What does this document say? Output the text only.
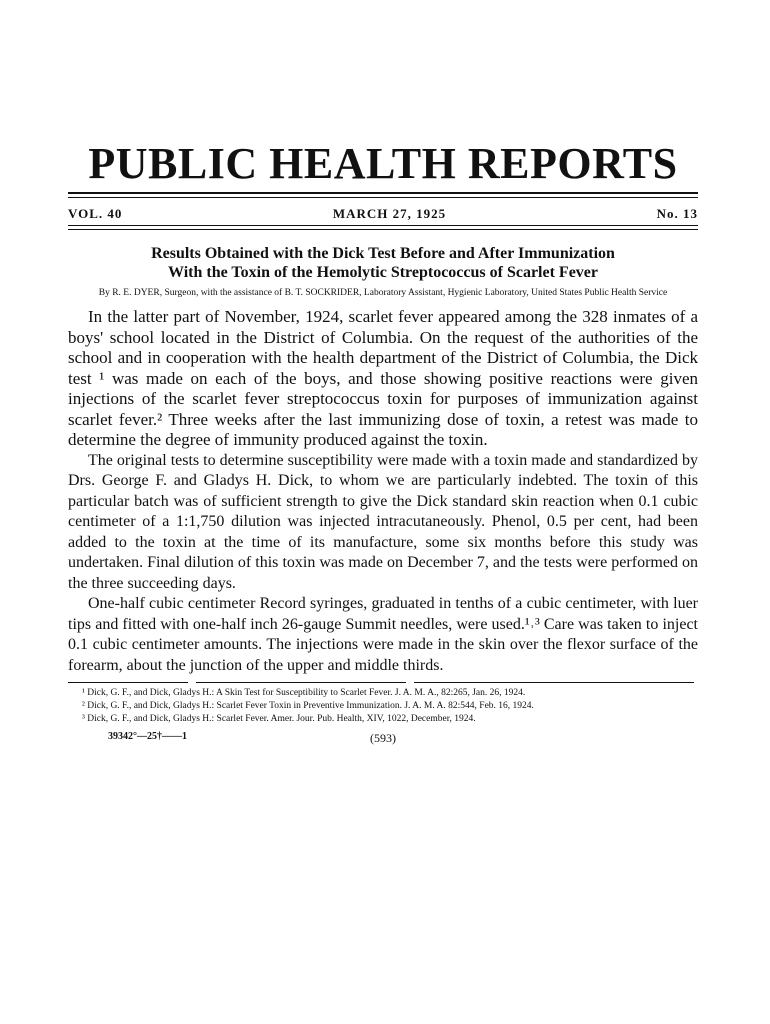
PUBLIC HEALTH REPORTS
VOL. 40	MARCH 27, 1925	No. 13
Results Obtained with the Dick Test Before and After Immunization
With the Toxin of the Hemolytic Streptococcus of Scarlet Fever
By R. E. DYER, Surgeon, with the assistance of B. T. SOCKRIDER, Laboratory Assistant, Hygienic Laboratory, United States Public Health Service

In the latter part of November, 1924, scarlet fever appeared among the 328 inmates of a boys' school located in the District of Columbia. On the request of the authorities of the school and in cooperation with the health department of the District of Columbia, the Dick test ¹ was made on each of the boys, and those showing positive reactions were given injections of the scarlet fever streptococcus toxin for purposes of immunization against scarlet fever.² Three weeks after the last immunizing dose of toxin, a retest was made to determine the degree of immunity produced against the toxin.

The original tests to determine susceptibility were made with a toxin made and standardized by Drs. George F. and Gladys H. Dick, to whom we are particularly indebted. The toxin of this particular batch was of sufficient strength to give the Dick standard skin reaction when 0.1 cubic centimeter of a 1:1,750 dilution was injected intracutaneously. Phenol, 0.5 per cent, had been added to the toxin at the time of its manufacture, some six months before this study was undertaken. Final dilution of this toxin was made on December 7, and the tests were performed on the three succeeding days.

One-half cubic centimeter Record syringes, graduated in tenths of a cubic centimeter, with luer tips and fitted with one-half inch 26-gauge Summit needles, were used.¹˒³ Care was taken to inject 0.1 cubic centimeter amounts. The injections were made in the skin over the flexor surface of the forearm, about the junction of the upper and middle thirds.

¹ Dick, G. F., and Dick, Gladys H.: A Skin Test for Susceptibility to Scarlet Fever. J. A. M. A., 82:265, Jan. 26, 1924.

² Dick, G. F., and Dick, Gladys H.: Scarlet Fever Toxin in Preventive Immunization. J. A. M. A. 82:544, Feb. 16, 1924.

³ Dick, G. F., and Dick, Gladys H.: Scarlet Fever. Amer. Jour. Pub. Health, XIV, 1022, December, 1924.

39342°—25†——1	(593)
